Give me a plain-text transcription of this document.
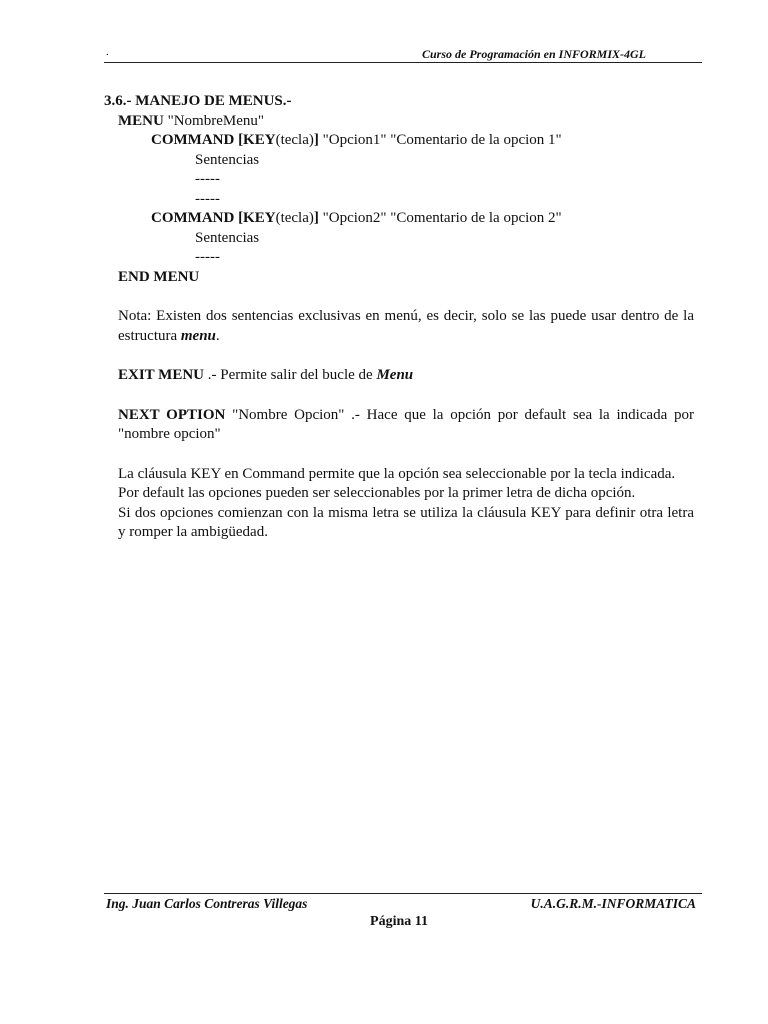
.	Curso de Programación en INFORMIX-4GL
3.6.- MANEJO DE MENUS.-
MENU "NombreMenu"
COMMAND [KEY(tecla)] "Opcion1" "Comentario de la opcion 1"
Sentencias
-----
-----
COMMAND [KEY(tecla)] "Opcion2" "Comentario de la opcion 2"
Sentencias
-----
END MENU
Nota: Existen dos sentencias exclusivas en menú, es decir, solo se las puede usar dentro de la estructura menu.
EXIT MENU .- Permite salir del bucle de Menu
NEXT OPTION "Nombre Opcion" .- Hace que la opción por default sea la indicada por "nombre opcion"
La cláusula KEY en Command permite que la opción sea seleccionable por la tecla indicada.
Por default las opciones pueden ser seleccionables por la primer letra de dicha opción.
Si dos opciones comienzan con la misma letra se utiliza la cláusula KEY para definir otra letra y romper la ambigüedad.
Ing. Juan Carlos Contreras Villegas	U.A.G.R.M.-INFORMATICA
Página 11
